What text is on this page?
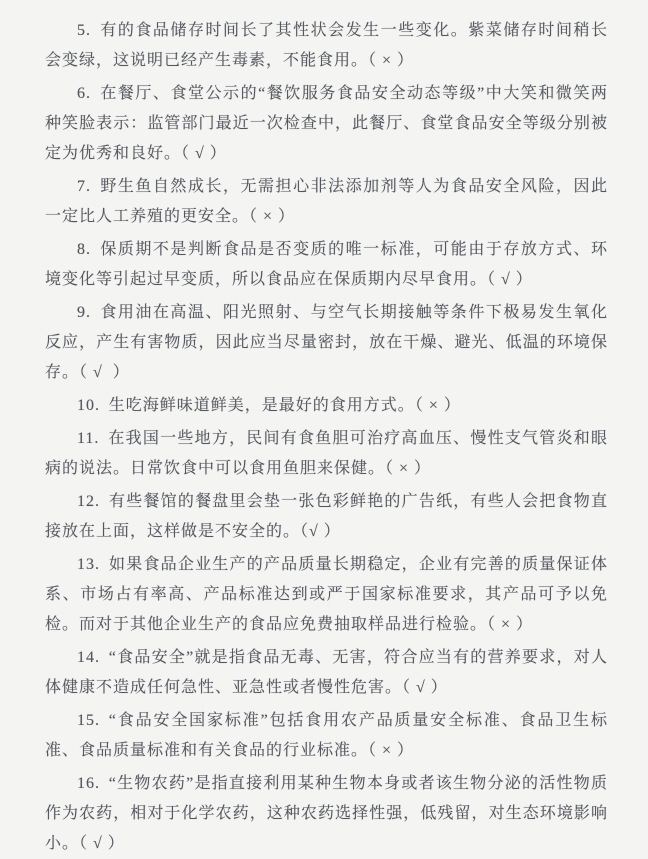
5. 有的食品储存时间长了其性状会发生一些变化。紫菜储存时间稍长会变绿，这说明已经产生毒素，不能食用。（ × ）

6. 在餐厅、食堂公示的“餐饮服务食品安全动态等级”中大笑和微笑两种笑脸表示：监管部门最近一次检查中，此餐厅、食堂食品安全等级分别被定为优秀和良好。（ √ ）

7. 野生鱼自然成长，无需担心非法添加剂等人为食品安全风险，因此一定比人工养殖的更安全。（ × ）

8. 保质期不是判断食品是否变质的唯一标准，可能由于存放方式、环境变化等引起过早变质，所以食品应在保质期内尽早食用。（ √ ）

9. 食用油在高温、阳光照射、与空气长期接触等条件下极易发生氧化反应，产生有害物质，因此应当尽量密封，放在干燥、避光、低温的环境保存。（ √  ）

10. 生吃海鲜味道鲜美，是最好的食用方式。（ × ）

11. 在我国一些地方，民间有食鱼胆可治疗高血压、慢性支气管炎和眼病的说法。日常饮食中可以食用鱼胆来保健。（ × ）

12. 有些餐馆的餐盘里会垫一张色彩鲜艳的广告纸，有些人会把食物直接放在上面，这样做是不安全的。（√ ）

13. 如果食品企业生产的产品质量长期稳定，企业有完善的质量保证体系、市场占有率高、产品标准达到或严于国家标准要求，其产品可予以免检。而对于其他企业生产的食品应免费抽取样品进行检验。（ × ）

14. “食品安全”就是指食品无毒、无害，符合应当有的营养要求，对人体健康不造成任何急性、亚急性或者慢性危害。（ √ ）

15. “食品安全国家标准”包括食用农产品质量安全标准、食品卫生标准、食品质量标准和有关食品的行业标准。（ × ）

16. “生物农药”是指直接利用某种生物本身或者该生物分泌的活性物质作为农药，相对于化学农药，这种农药选择性强，低残留，对生态环境影响小。（ √ ）
